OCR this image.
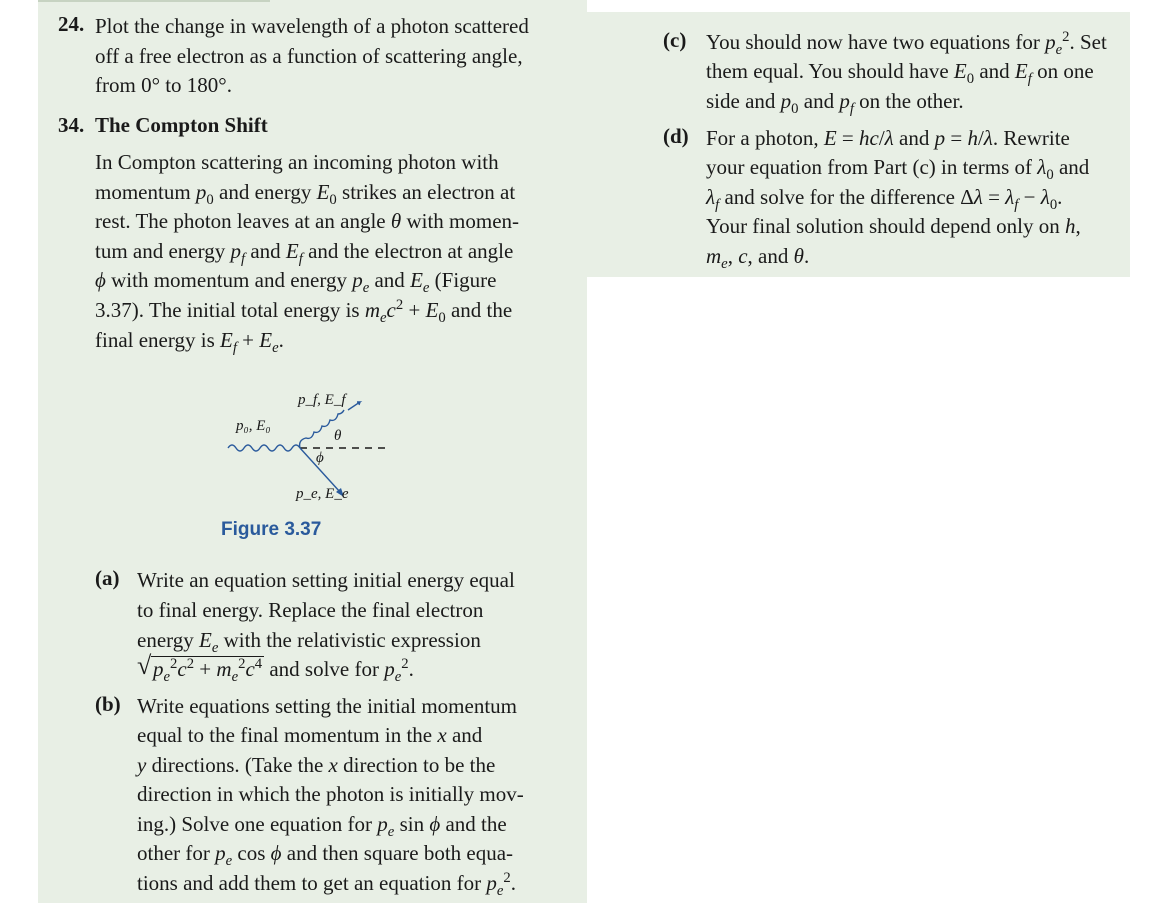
24. Plot the change in wavelength of a photon scattered off a free electron as a function of scattering angle, from 0° to 180°.
34. The Compton Shift
In Compton scattering an incoming photon with
momentum $p_0$ and energy $E_0$ strikes an electron at
rest. The photon leaves at an angle θ with momen-
tum and energy $p_f$ and $E_f$ and the electron at angle
ϕ with momentum and energy $p_e$ and $E_e$ (Figure
3.37). The initial total energy is $m_ec^2 + E_0$ and the
final energy is $E_f + E_e$.
p₀, E₀
p_f, E_f
θ
ϕ
p_e, E_e
Figure 3.37
(a) Write an equation setting initial energy equal
to final energy. Replace the final electron
energy $E_e$ with the relativistic expression
√ $p_e^2c^2 + m_e^2c^4$ and solve for $p_e^2$.
(b) Write equations setting the initial momentum
equal to the final momentum in the x and
y directions. (Take the x direction to be the
direction in which the photon is initially mov-
ing.) Solve one equation for $p_e$ sin ϕ and the
other for $p_e$ cos ϕ and then square both equa-
tions and add them to get an equation for $p_e^2$.
(c) You should now have two equations for $p_e^2$. Set
them equal. You should have $E_0$ and $E_f$ on one
side and $p_0$ and $p_f$ on the other.
(d) For a photon, E = hc/λ and p = h/λ. Rewrite
your equation from Part (c) in terms of $\lambda_0$ and
$\lambda_f$ and solve for the difference $\Delta\lambda = \lambda_f - \lambda_0$.
Your final solution should depend only on h,
$m_e$, c, and θ.
